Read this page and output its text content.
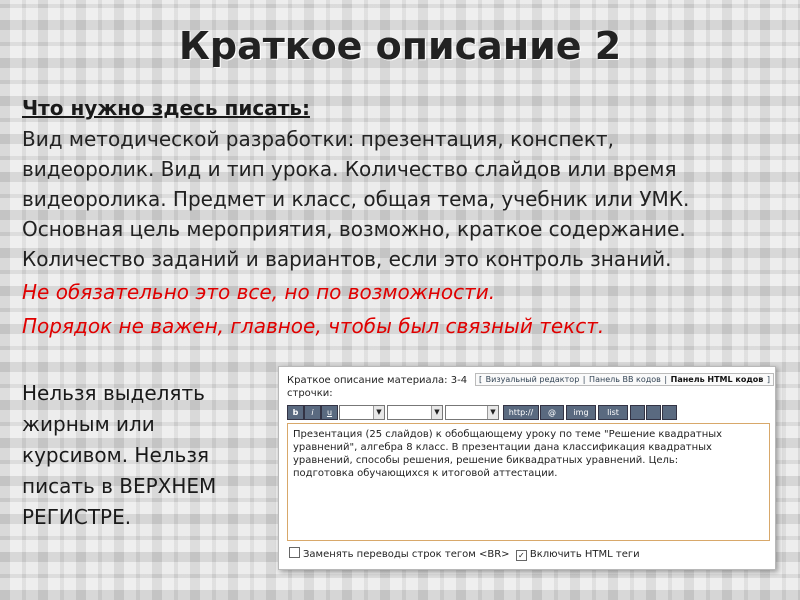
Краткое описание 2
Что нужно здесь писать:
Вид методической разработки: презентация, конспект,
видеоролик. Вид и тип урока. Количество слайдов или время
видеоролика. Предмет и класс, общая тема, учебник или УМК.
Основная цель мероприятия, возможно, краткое содержание.
Количество заданий и вариантов, если это контроль знаний.
Не обязательно это все, но по возможности.
Порядок не важен, главное, чтобы был связный текст.
Нельзя выделять
жирным или
курсивом. Нельзя
писать в ВЕРХНЕМ
РЕГИСТРЕ.
Краткое описание материала: 3-4 строчки:
[ Визуальный редактор | Панель BB кодов | Панель HTML кодов ]
b	i	u	▼	▼	▼	http://	@	img	list
Презентация (25 слайдов) к обобщающему уроку по теме "Решение квадратных
уравнений", алгебра 8 класс. В презентации дана классификация квадратных
уравнений, способы решения, решение биквадратных уравнений. Цель:
подготовка обучающихся к итоговой аттестации.
Заменять переводы строк тегом <BR> ✓ Включить HTML теги
